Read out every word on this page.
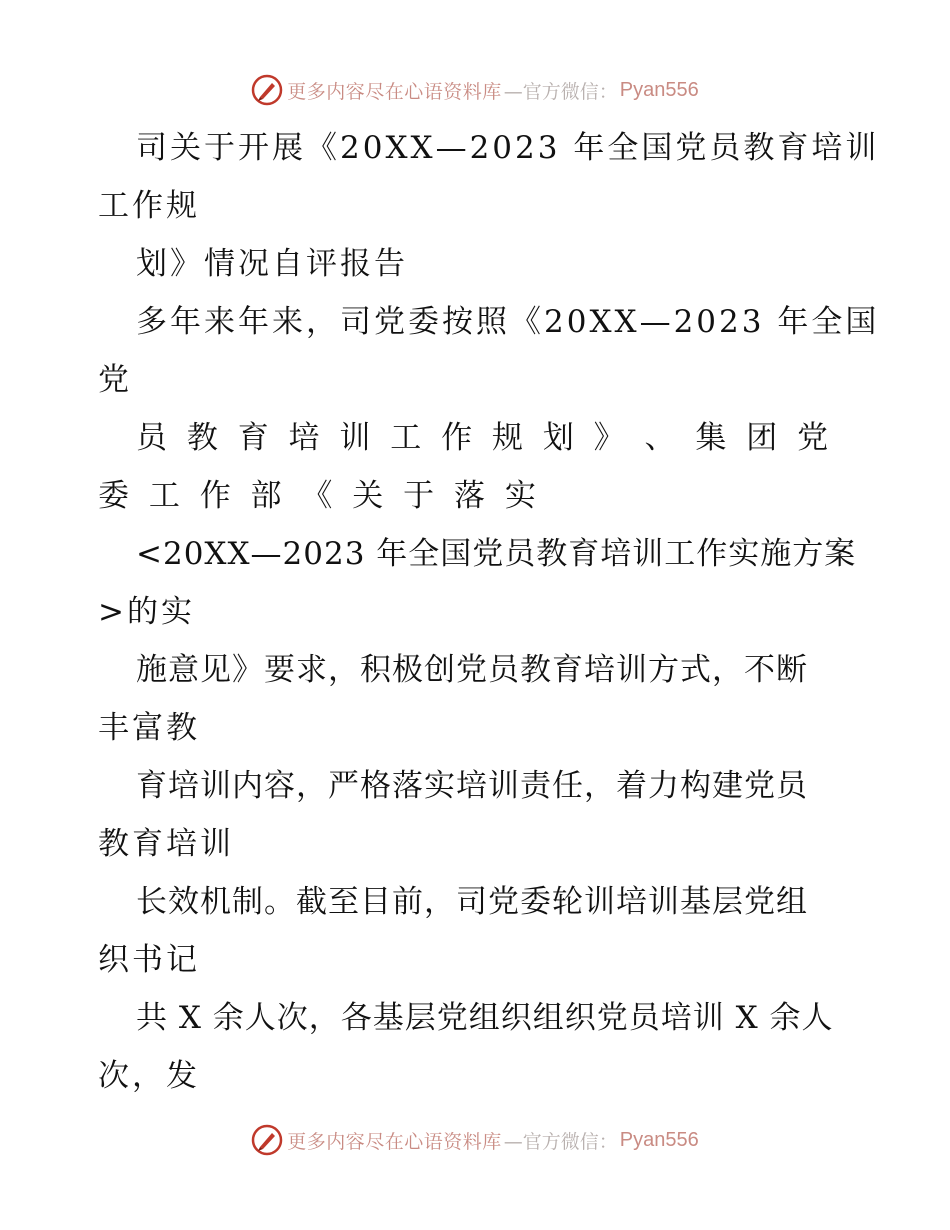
更多内容尽在心语资料库 —官方微信： Pyan556
司关于开展《20XX—2023 年全国党员教育培训
工作规
划》情况自评报告
多年来年来，司党委按照《20XX—2023 年全国
党
员 教 育 培 训 工 作 规 划 》 、 集 团 党
委 工 作 部 《 关 于 落 实
<20XX—2023 年全国党员教育培训工作实施方案
>的实
施意见》要求，积极创党员教育培训方式，不断
丰富教
育培训内容，严格落实培训责任，着力构建党员
教育培训
长效机制。截至目前，司党委轮训培训基层党组
织书记
共 X 余人次，各基层党组织组织党员培训 X 余人
次，发
更多内容尽在心语资料库 —官方微信： Pyan556
